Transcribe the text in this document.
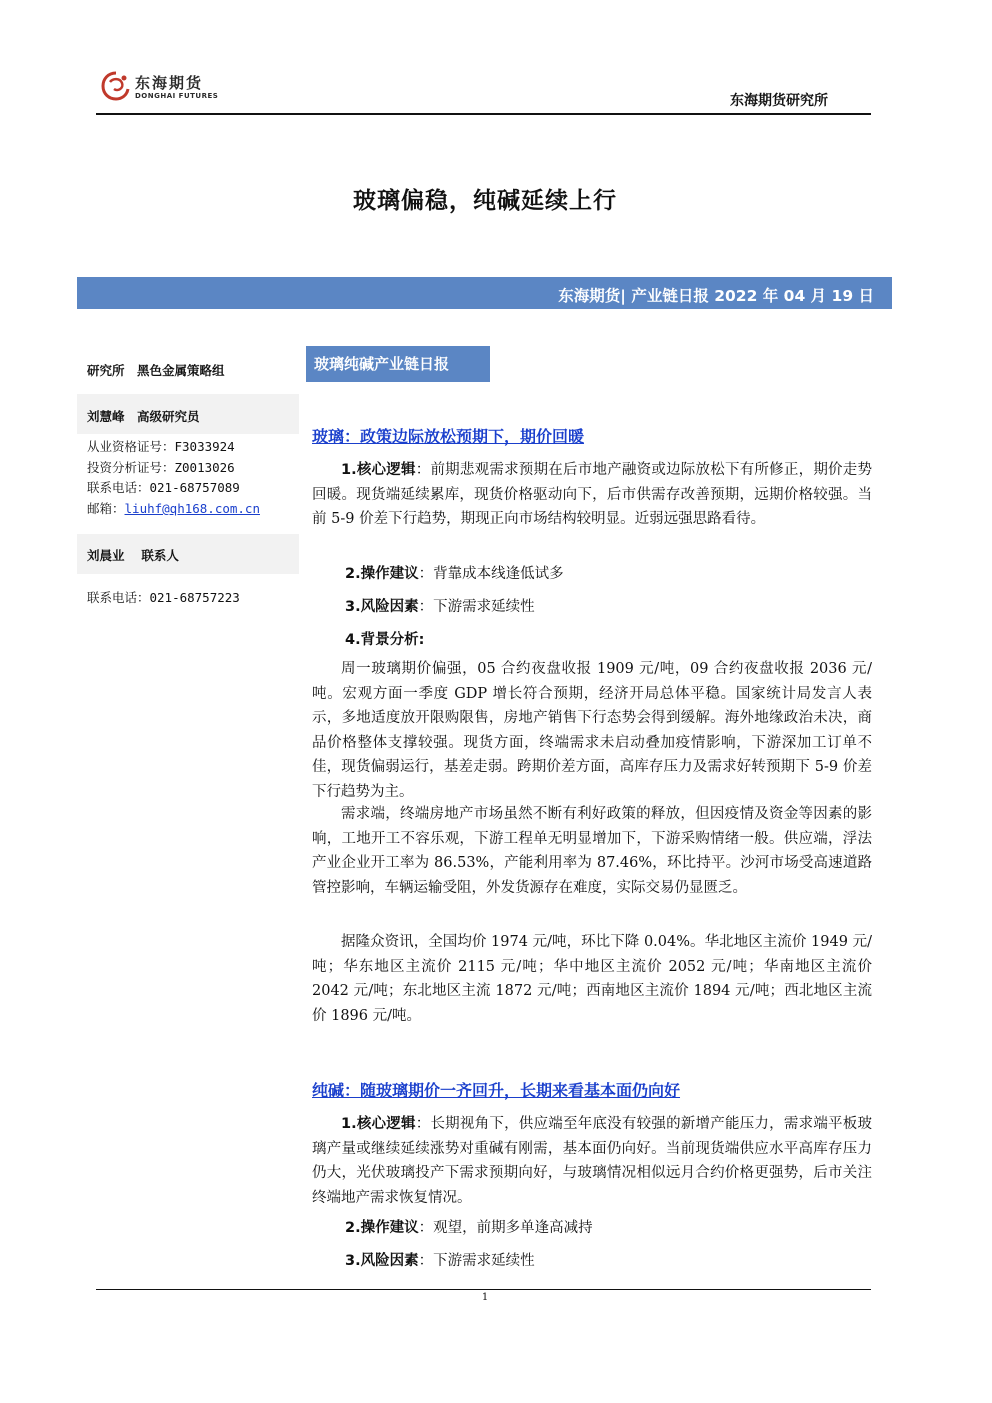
东海期货
DONGHAI FUTURES	东海期货研究所
玻璃偏稳，纯碱延续上行
东海期货| 产业链日报 2022 年 04 月 19 日
研究所　黑色金属策略组
刘慧峰　高级研究员
从业资格证号：F3033924
投资分析证号：Z0013026
联系电话：021-68757089
邮箱：liuhf@qh168.com.cn
刘晨业　 联系人
联系电话：021-68757223
玻璃纯碱产业链日报
玻璃：政策边际放松预期下，期价回暖

1.核心逻辑：前期悲观需求预期在后市地产融资或边际放松下有所修正，期价走势回暖。现货端延续累库，现货价格驱动向下，后市供需存改善预期，远期价格较强。当前 5-9 价差下行趋势，期现正向市场结构较明显。近弱远强思路看待。

2.操作建议：背靠成本线逢低试多
3.风险因素：下游需求延续性
4.背景分析:

周一玻璃期价偏强，05 合约夜盘收报 1909 元/吨，09 合约夜盘收报 2036 元/吨。宏观方面一季度 GDP 增长符合预期，经济开局总体平稳。国家统计局发言人表示，多地适度放开限购限售，房地产销售下行态势会得到缓解。海外地缘政治未决，商品价格整体支撑较强。现货方面，终端需求未启动叠加疫情影响，下游深加工订单不佳，现货偏弱运行，基差走弱。跨期价差方面，高库存压力及需求好转预期下 5-9 价差下行趋势为主。

需求端，终端房地产市场虽然不断有利好政策的释放，但因疫情及资金等因素的影响，工地开工不容乐观，下游工程单无明显增加下，下游采购情绪一般。供应端，浮法产业企业开工率为 86.53%，产能利用率为 87.46%，环比持平。沙河市场受高速道路管控影响，车辆运输受阻，外发货源存在难度，实际交易仍显匮乏。

据隆众资讯，全国均价 1974 元/吨，环比下降 0.04%。华北地区主流价 1949 元/吨；华东地区主流价 2115 元/吨；华中地区主流价 2052 元/吨；华南地区主流价 2042 元/吨；东北地区主流 1872 元/吨；西南地区主流价 1894 元/吨；西北地区主流价 1896 元/吨。

纯碱：随玻璃期价一齐回升，长期来看基本面仍向好

1.核心逻辑：长期视角下，供应端至年底没有较强的新增产能压力，需求端平板玻璃产量或继续延续涨势对重碱有刚需，基本面仍向好。当前现货端供应水平高库存压力仍大，光伏玻璃投产下需求预期向好，与玻璃情况相似远月合约价格更强势，后市关注终端地产需求恢复情况。

2.操作建议：观望，前期多单逢高减持
3.风险因素：下游需求延续性
1
